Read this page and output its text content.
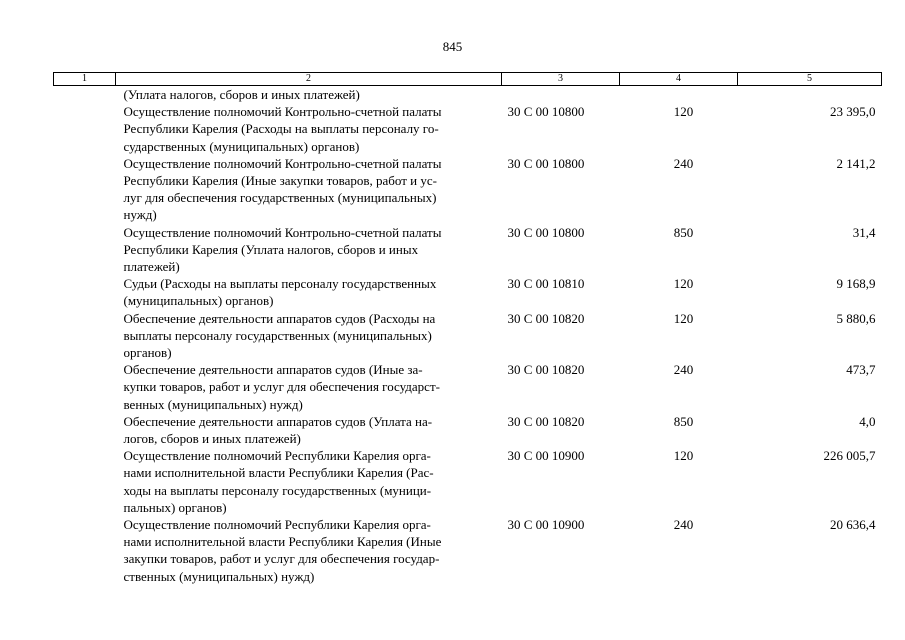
845
1	2	3	4	5

	(Уплата налогов, сборов и иных платежей)			

	Осуществление полномочий Контрольно-счетной палаты
Республики Карелия (Расходы на выплаты персоналу го-
сударственных (муниципальных) органов)	30 С 00 10800	120	23 395,0

	Осуществление полномочий Контрольно-счетной палаты
Республики Карелия (Иные закупки товаров, работ и ус-
луг для обеспечения государственных (муниципальных)
нужд)	30 С 00 10800	240	2 141,2

	Осуществление полномочий Контрольно-счетной палаты
Республики Карелия (Уплата налогов, сборов и иных
платежей)	30 С 00 10800	850	31,4

	Судьи (Расходы на выплаты персоналу государственных
(муниципальных) органов)	30 С 00 10810	120	9 168,9

	Обеспечение деятельности аппаратов судов (Расходы на
выплаты персоналу государственных (муниципальных)
органов)	30 С 00 10820	120	5 880,6

	Обеспечение деятельности аппаратов судов (Иные за-
купки товаров, работ и услуг для обеспечения государст-
венных (муниципальных) нужд)	30 С 00 10820	240	473,7

	Обеспечение деятельности аппаратов судов (Уплата на-
логов, сборов и иных платежей)	30 С 00 10820	850	4,0

	Осуществление полномочий Республики Карелия орга-
нами исполнительной власти Республики Карелия (Рас-
ходы на выплаты персоналу государственных (муници-
пальных) органов)	30 С 00 10900	120	226 005,7

	Осуществление полномочий Республики Карелия орга-
нами исполнительной власти Республики Карелия (Иные
закупки товаров, работ и услуг для обеспечения государ-
ственных (муниципальных) нужд)	30 С 00 10900	240	20 636,4
